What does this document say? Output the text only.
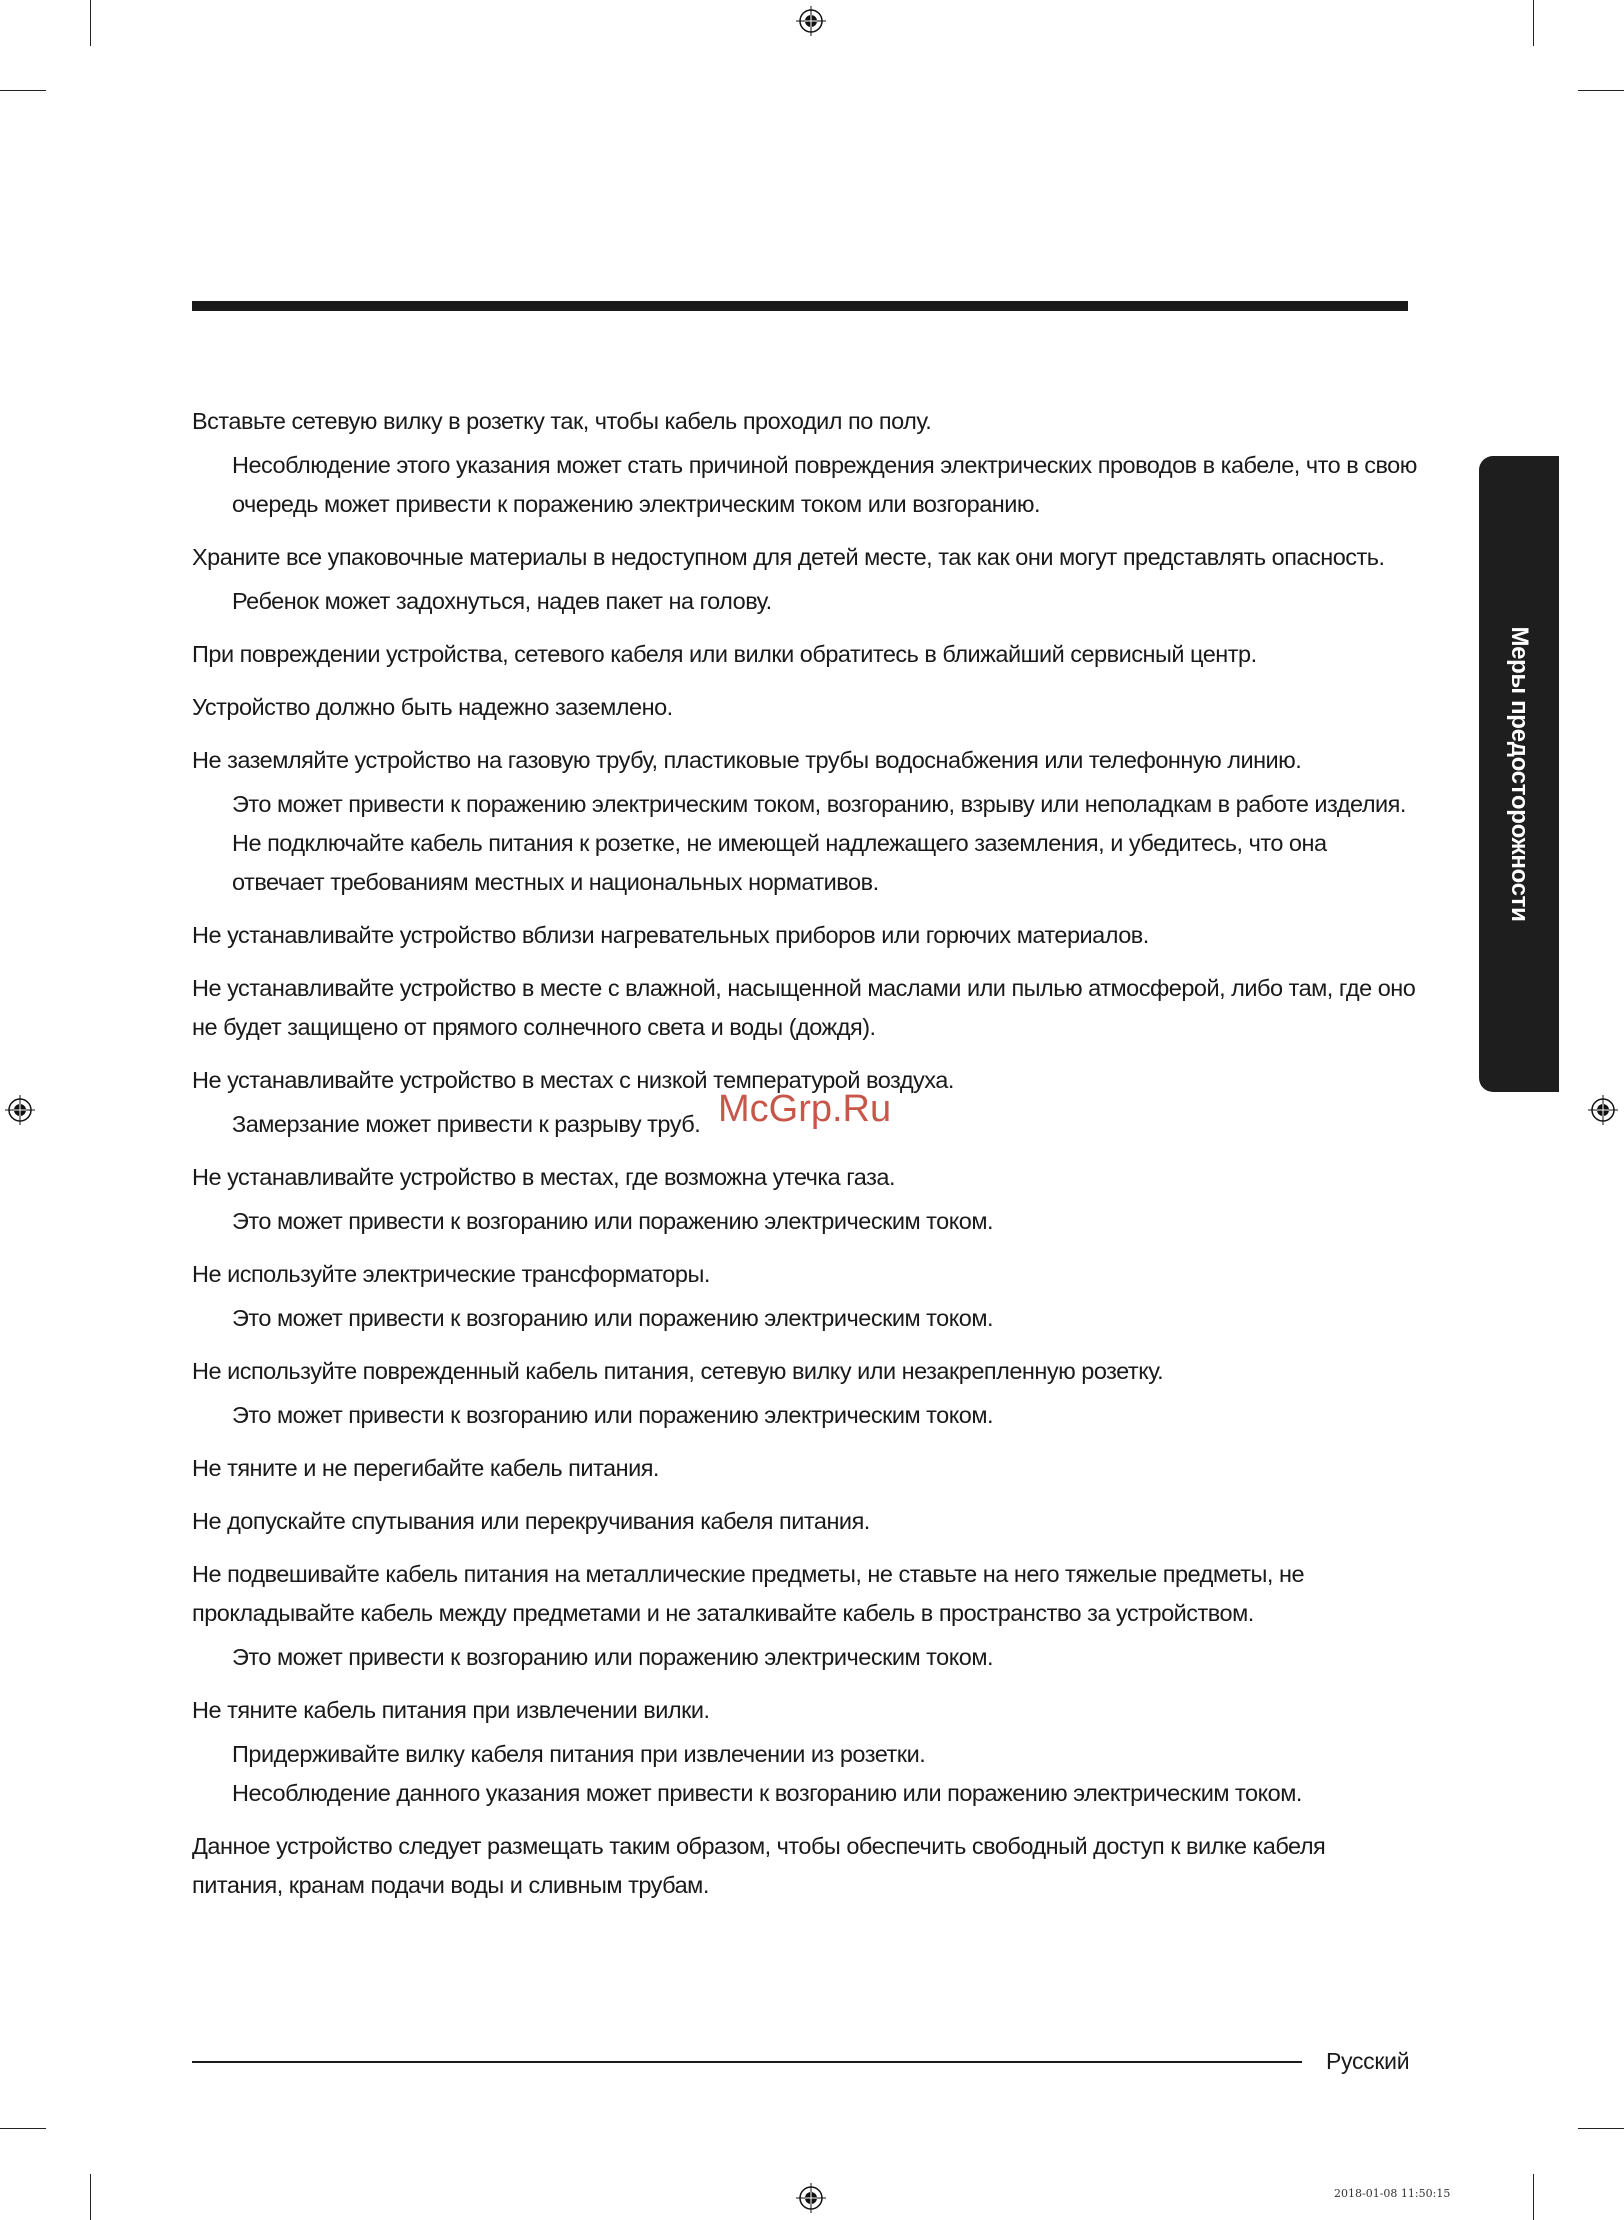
Меры предосторожности

Вставьте сетевую вилку в розетку так, чтобы кабель проходил по полу.

Несоблюдение этого указания может стать причиной повреждения электрических проводов в кабеле, что в свою очередь может привести к поражению электрическим током или возгоранию.

Храните все упаковочные материалы в недоступном для детей месте, так как они могут представлять опасность.

Ребенок может задохнуться, надев пакет на голову.

При повреждении устройства, сетевого кабеля или вилки обратитесь в ближайший сервисный центр.

Устройство должно быть надежно заземлено.

Не заземляйте устройство на газовую трубу, пластиковые трубы водоснабжения или телефонную линию.

Это может привести к поражению электрическим током, возгоранию, взрыву или неполадкам в работе изделия.

Не подключайте кабель питания к розетке, не имеющей надлежащего заземления, и убедитесь, что она отвечает требованиям местных и национальных нормативов.

Не устанавливайте устройство вблизи нагревательных приборов или горючих материалов.

Не устанавливайте устройство в месте с влажной, насыщенной маслами или пылью атмосферой, либо там, где оно не будет защищено от прямого солнечного света и воды (дождя).

Не устанавливайте устройство в местах с низкой температурой воздуха.

Замерзание может привести к разрыву труб.

Не устанавливайте устройство в местах, где возможна утечка газа.

Это может привести к возгоранию или поражению электрическим током.

Не используйте электрические трансформаторы.

Это может привести к возгоранию или поражению электрическим током.

Не используйте поврежденный кабель питания, сетевую вилку или незакрепленную розетку.

Это может привести к возгоранию или поражению электрическим током.

Не тяните и не перегибайте кабель питания.

Не допускайте спутывания или перекручивания кабеля питания.

Не подвешивайте кабель питания на металлические предметы, не ставьте на него тяжелые предметы, не прокладывайте кабель между предметами и не заталкивайте кабель в пространство за устройством.

Это может привести к возгоранию или поражению электрическим током.

Не тяните кабель питания при извлечении вилки.

Придерживайте вилку кабеля питания при извлечении из розетки.

Несоблюдение данного указания может привести к возгоранию или поражению электрическим током.

Данное устройство следует размещать таким образом, чтобы обеспечить свободный доступ к вилке кабеля питания, кранам подачи воды и сливным трубам.

McGrp.Ru
Русский
2018-01-08 11:50:15
